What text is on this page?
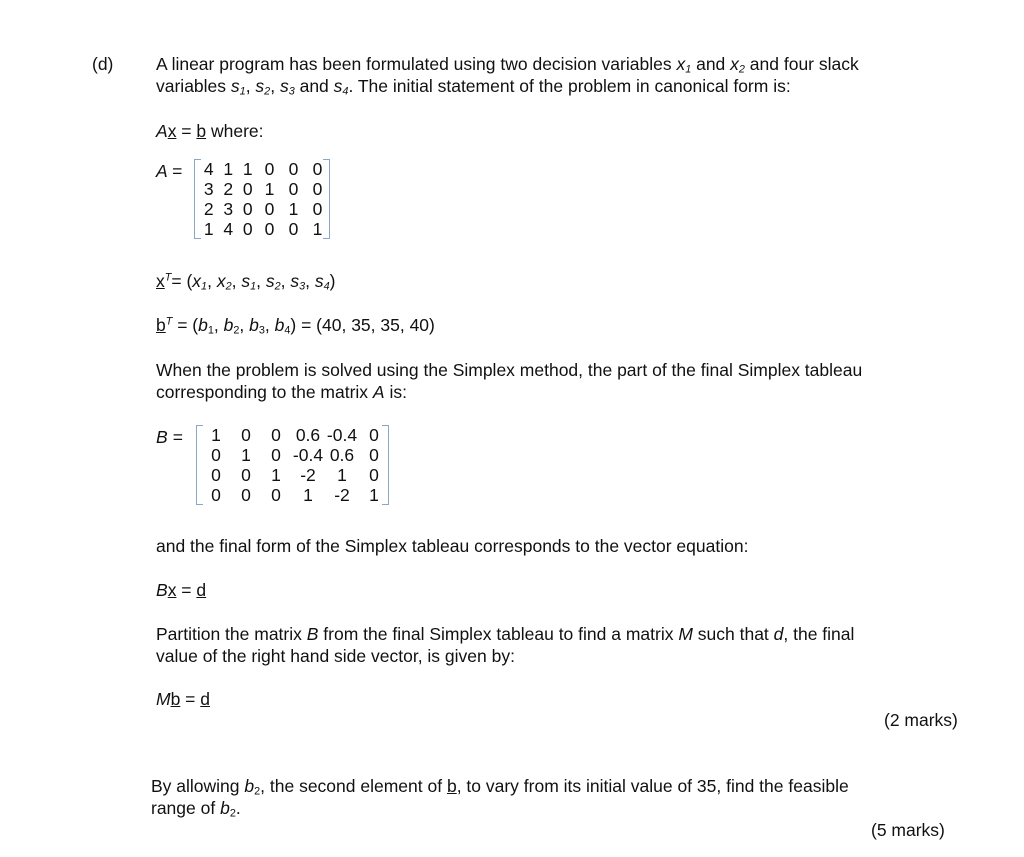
(d) A linear program has been formulated using two decision variables $x_1$ and $x_2$ and four slack
variables $s_1$, $s_2$, $s_3$ and $s_4$. The initial statement of the problem in canonical form is:
Ax = b where:
A = 4	1	1	0	0	0
3	2	0	1	0	0
2	3	0	0	1	0
1	4	0	0	0	1
$x^T= (x_1$, $x_2$, $s_1$, $s_2$, $s_3$, $s_4$)
$b^T = (b_1$, $b_2$, $b_3$, $b_4) = (40$, 35, 35, 40)
When the problem is solved using the Simplex method, the part of the final Simplex tableau
corresponding to the matrix A is:
B = 1	0	0	0.6	-0.4	0
0	1	0	-0.4	0.6	0
0	0	1	-2	1	0
0	0	0	1	-2	1
and the final form of the Simplex tableau corresponds to the vector equation:
Bx = d
Partition the matrix B from the final Simplex tableau to find a matrix M such that d, the final
value of the right hand side vector, is given by:
Mb = d
(2 marks)
By allowing $b_2$, the second element of b, to vary from its initial value of 35, find the feasible
range of $b_2$.
(5 marks)
